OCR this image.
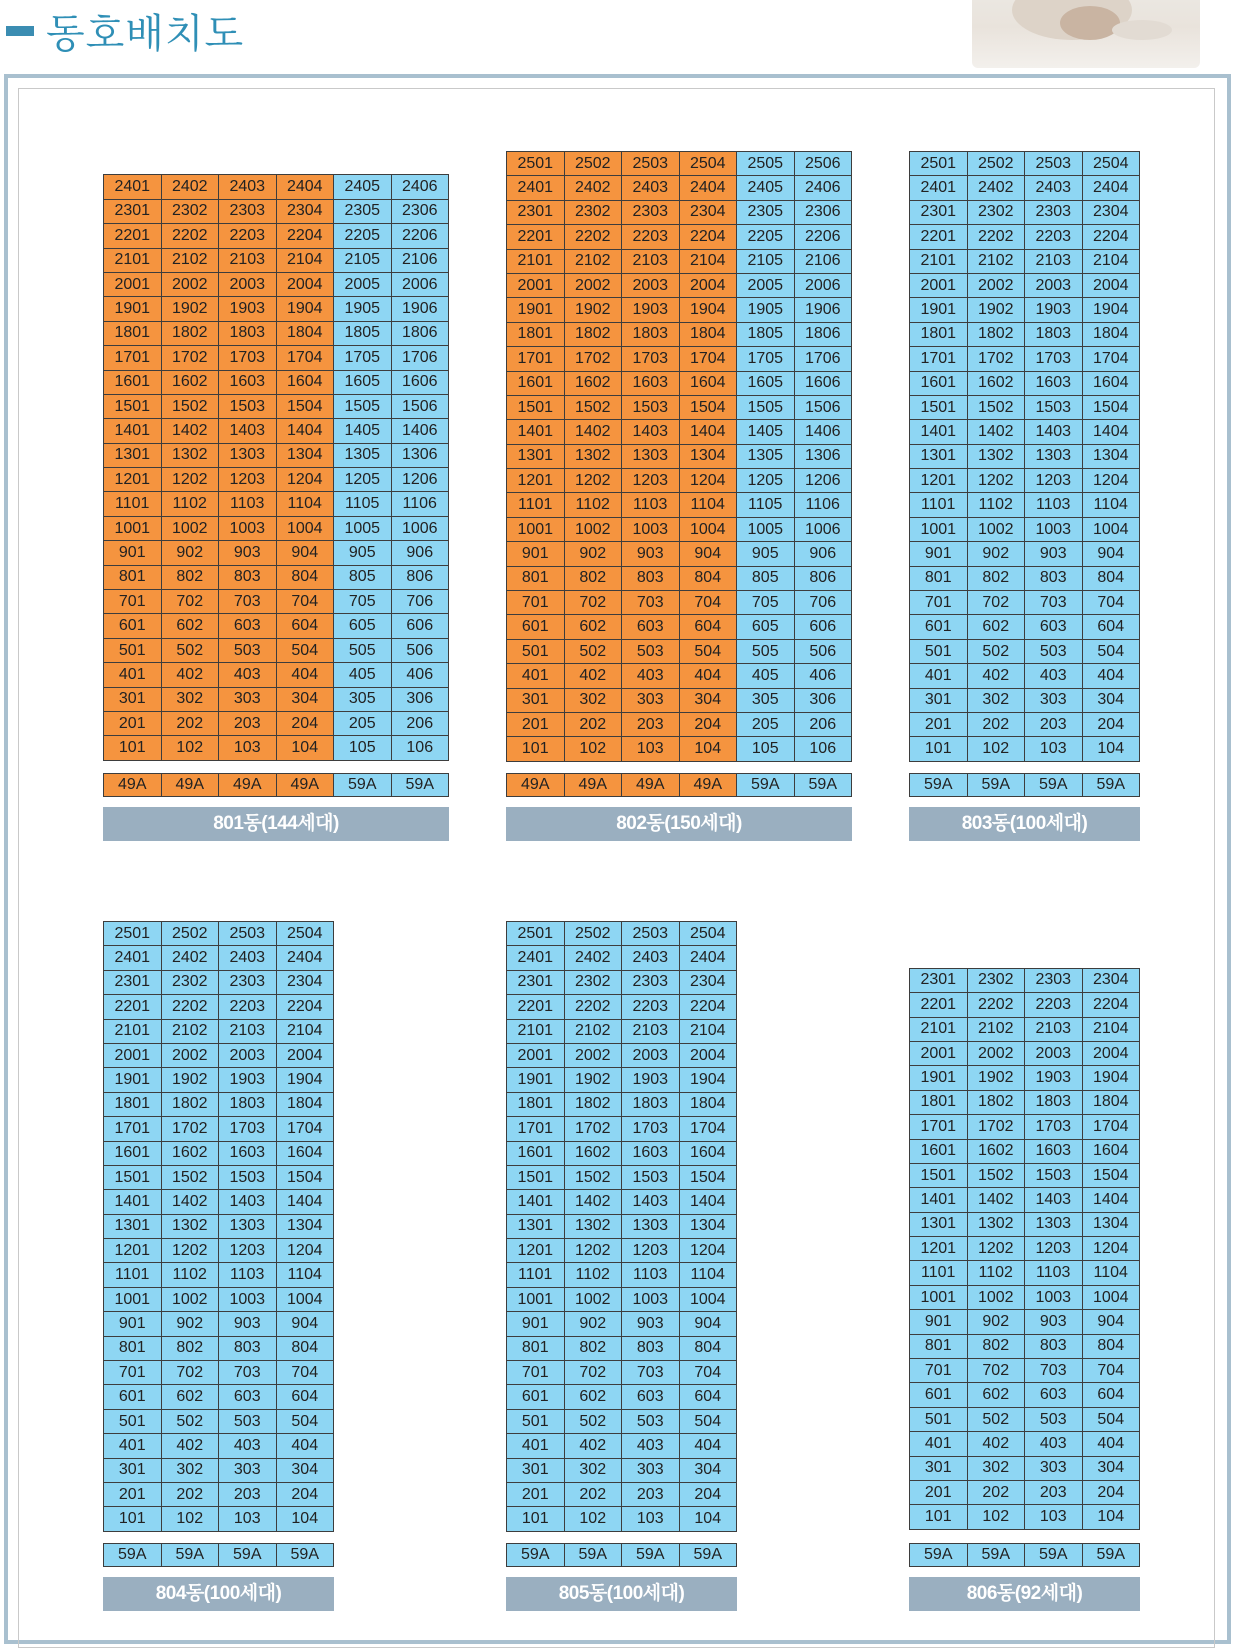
동호배치도

2401	2402	2403	2404	2405	2406
2301	2302	2303	2304	2305	2306
2201	2202	2203	2204	2205	2206
2101	2102	2103	2104	2105	2106
2001	2002	2003	2004	2005	2006
1901	1902	1903	1904	1905	1906
1801	1802	1803	1804	1805	1806
1701	1702	1703	1704	1705	1706
1601	1602	1603	1604	1605	1606
1501	1502	1503	1504	1505	1506
1401	1402	1403	1404	1405	1406
1301	1302	1303	1304	1305	1306
1201	1202	1203	1204	1205	1206
1101	1102	1103	1104	1105	1106
1001	1002	1003	1004	1005	1006
901	902	903	904	905	906
801	802	803	804	805	806
701	702	703	704	705	706
601	602	603	604	605	606
501	502	503	504	505	506
401	402	403	404	405	406
301	302	303	304	305	306
201	202	203	204	205	206
101	102	103	104	105	106
49A	49A	49A	49A	59A	59A
801동(144세대)
2501	2502	2503	2504	2505	2506
2401	2402	2403	2404	2405	2406
2301	2302	2303	2304	2305	2306
2201	2202	2203	2204	2205	2206
2101	2102	2103	2104	2105	2106
2001	2002	2003	2004	2005	2006
1901	1902	1903	1904	1905	1906
1801	1802	1803	1804	1805	1806
1701	1702	1703	1704	1705	1706
1601	1602	1603	1604	1605	1606
1501	1502	1503	1504	1505	1506
1401	1402	1403	1404	1405	1406
1301	1302	1303	1304	1305	1306
1201	1202	1203	1204	1205	1206
1101	1102	1103	1104	1105	1106
1001	1002	1003	1004	1005	1006
901	902	903	904	905	906
801	802	803	804	805	806
701	702	703	704	705	706
601	602	603	604	605	606
501	502	503	504	505	506
401	402	403	404	405	406
301	302	303	304	305	306
201	202	203	204	205	206
101	102	103	104	105	106
49A	49A	49A	49A	59A	59A
802동(150세대)
2501	2502	2503	2504
2401	2402	2403	2404
2301	2302	2303	2304
2201	2202	2203	2204
2101	2102	2103	2104
2001	2002	2003	2004
1901	1902	1903	1904
1801	1802	1803	1804
1701	1702	1703	1704
1601	1602	1603	1604
1501	1502	1503	1504
1401	1402	1403	1404
1301	1302	1303	1304
1201	1202	1203	1204
1101	1102	1103	1104
1001	1002	1003	1004
901	902	903	904
801	802	803	804
701	702	703	704
601	602	603	604
501	502	503	504
401	402	403	404
301	302	303	304
201	202	203	204
101	102	103	104
59A	59A	59A	59A
803동(100세대)
2501	2502	2503	2504
2401	2402	2403	2404
2301	2302	2303	2304
2201	2202	2203	2204
2101	2102	2103	2104
2001	2002	2003	2004
1901	1902	1903	1904
1801	1802	1803	1804
1701	1702	1703	1704
1601	1602	1603	1604
1501	1502	1503	1504
1401	1402	1403	1404
1301	1302	1303	1304
1201	1202	1203	1204
1101	1102	1103	1104
1001	1002	1003	1004
901	902	903	904
801	802	803	804
701	702	703	704
601	602	603	604
501	502	503	504
401	402	403	404
301	302	303	304
201	202	203	204
101	102	103	104
59A	59A	59A	59A
804동(100세대)
2501	2502	2503	2504
2401	2402	2403	2404
2301	2302	2303	2304
2201	2202	2203	2204
2101	2102	2103	2104
2001	2002	2003	2004
1901	1902	1903	1904
1801	1802	1803	1804
1701	1702	1703	1704
1601	1602	1603	1604
1501	1502	1503	1504
1401	1402	1403	1404
1301	1302	1303	1304
1201	1202	1203	1204
1101	1102	1103	1104
1001	1002	1003	1004
901	902	903	904
801	802	803	804
701	702	703	704
601	602	603	604
501	502	503	504
401	402	403	404
301	302	303	304
201	202	203	204
101	102	103	104
59A	59A	59A	59A
805동(100세대)

2301	2302	2303	2304
2201	2202	2203	2204
2101	2102	2103	2104
2001	2002	2003	2004
1901	1902	1903	1904
1801	1802	1803	1804
1701	1702	1703	1704
1601	1602	1603	1604
1501	1502	1503	1504
1401	1402	1403	1404
1301	1302	1303	1304
1201	1202	1203	1204
1101	1102	1103	1104
1001	1002	1003	1004
901	902	903	904
801	802	803	804
701	702	703	704
601	602	603	604
501	502	503	504
401	402	403	404
301	302	303	304
201	202	203	204
101	102	103	104
59A	59A	59A	59A
806동(92세대)
